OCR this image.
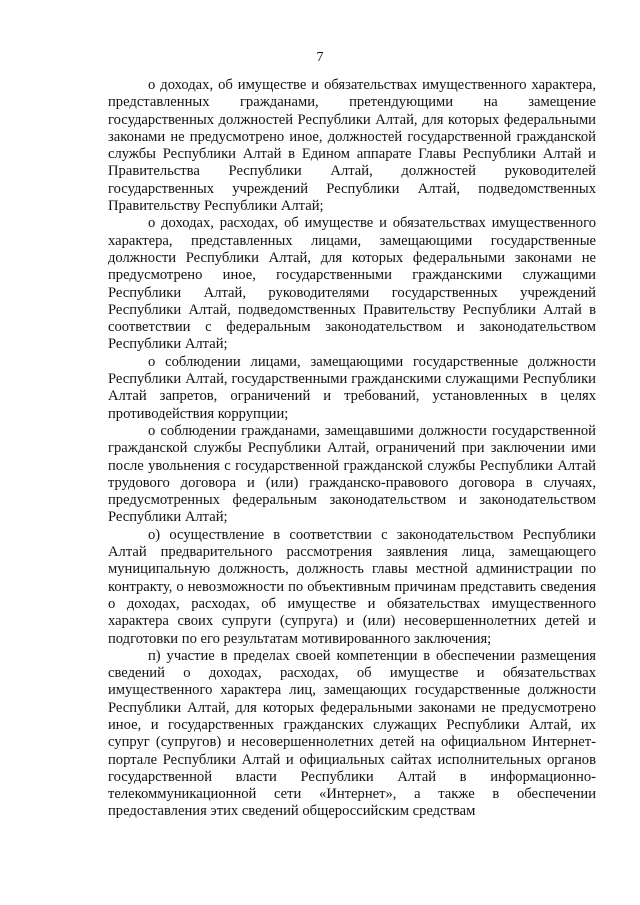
7

о доходах, об имуществе и обязательствах имущественного характера, представленных гражданами, претендующими на замещение государственных должностей Республики Алтай, для которых федеральными законами не предусмотрено иное, должностей государственной гражданской службы Республики Алтай в Едином аппарате Главы Республики Алтай и Правительства Республики Алтай, должностей руководителей государственных учреждений Республики Алтай, подведомственных Правительству Республики Алтай;

о доходах, расходах, об имуществе и обязательствах имущественного характера, представленных лицами, замещающими государственные должности Республики Алтай, для которых федеральными законами не предусмотрено иное, государственными гражданскими служащими Республики Алтай, руководителями государственных учреждений Республики Алтай, подведомственных Правительству Республики Алтай в соответствии с федеральным законодательством и законодательством Республики Алтай;

о соблюдении лицами, замещающими государственные должности Республики Алтай, государственными гражданскими служащими Республики Алтай запретов, ограничений и требований, установленных в целях противодействия коррупции;

о соблюдении гражданами, замещавшими должности государственной гражданской службы Республики Алтай, ограничений при заключении ими после увольнения с государственной гражданской службы Республики Алтай трудового договора и (или) гражданско-правового договора в случаях, предусмотренных федеральным законодательством и законодательством Республики Алтай;

о) осуществление в соответствии с законодательством Республики Алтай предварительного рассмотрения заявления лица, замещающего муниципальную должность, должность главы местной администрации по контракту, о невозможности по объективным причинам представить сведения о доходах, расходах, об имуществе и обязательствах имущественного характера своих супруги (супруга) и (или) несовершеннолетних детей и подготовки по его результатам мотивированного заключения;

п) участие в пределах своей компетенции в обеспечении размещения сведений о доходах, расходах, об имуществе и обязательствах имущественного характера лиц, замещающих государственные должности Республики Алтай, для которых федеральными законами не предусмотрено иное, и государственных гражданских служащих Республики Алтай, их супруг (супругов) и несовершеннолетних детей на официальном Интернет-портале Республики Алтай и официальных сайтах исполнительных органов государственной власти Республики Алтай в информационно-телекоммуникационной сети «Интернет», а также в обеспечении предоставления этих сведений общероссийским средствам
